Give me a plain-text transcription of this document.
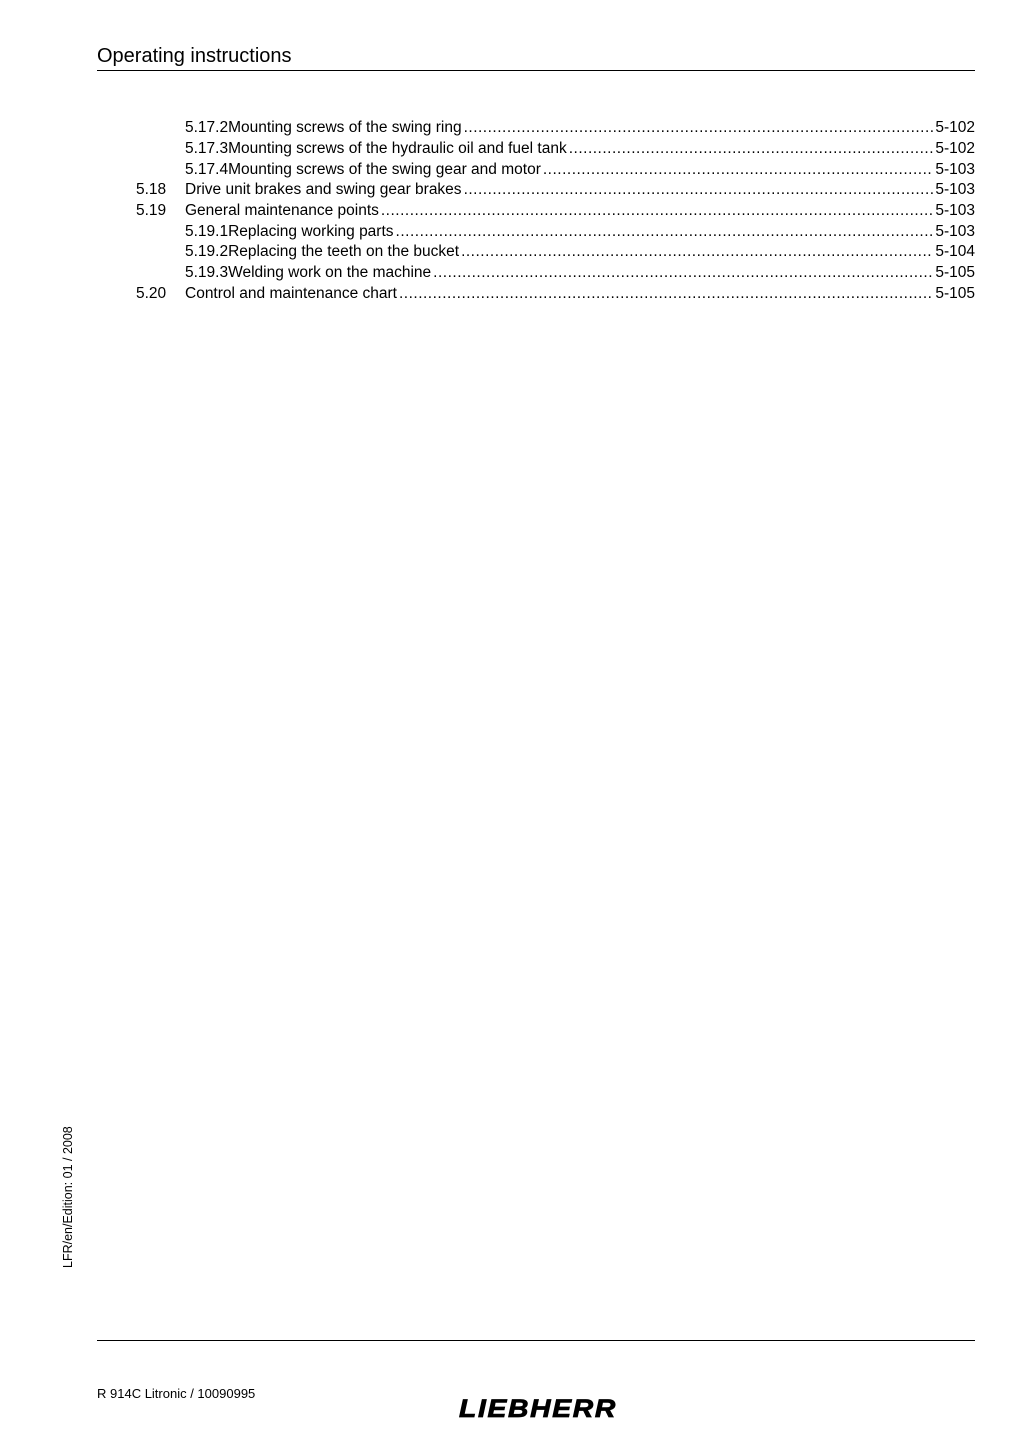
Operating instructions
5.17.2 Mounting screws of the swing ring .....	5-102
5.17.3 Mounting screws of the hydraulic oil and fuel tank .....	5-102
5.17.4 Mounting screws of the swing gear and motor .....	5-103
5.18	Drive unit brakes and swing gear brakes .....	5-103
5.19	General maintenance points .....	5-103
5.19.1 Replacing working parts .....	5-103
5.19.2 Replacing the teeth on the bucket .....	5-104
5.19.3 Welding work on the machine .....	5-105
5.20	Control and maintenance chart .....	5-105
LFR/en/Edition: 01 / 2008
R 914C Litronic / 10090995
LIEBHERR
